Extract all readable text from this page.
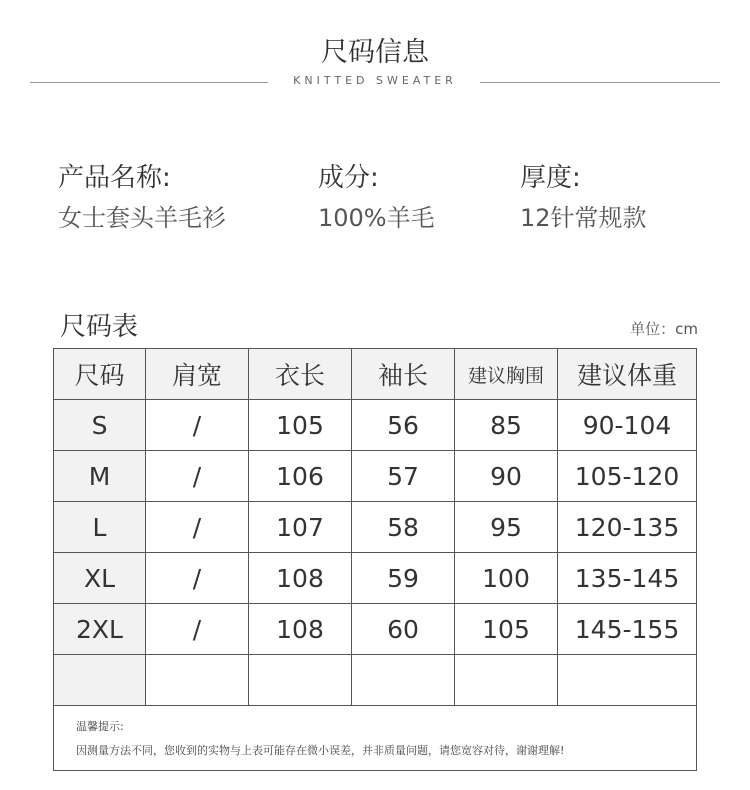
尺码信息
KNITTED SWEATER
产品名称:
女士套头羊毛衫
成分:
100%羊毛
厚度:
12针常规款
尺码表	单位：cm
尺码	肩宽	衣长	袖长	建议胸围	建议体重
S	/	105	56	85	90-104
M	/	106	57	90	105-120
L	/	107	58	95	120-135
XL	/	108	59	100	135-145
2XL	/	108	60	105	145-155

温馨提示:
因测量方法不同，您收到的实物与上表可能存在微小误差，并非质量问题，请您宽容对待，谢谢理解!					
